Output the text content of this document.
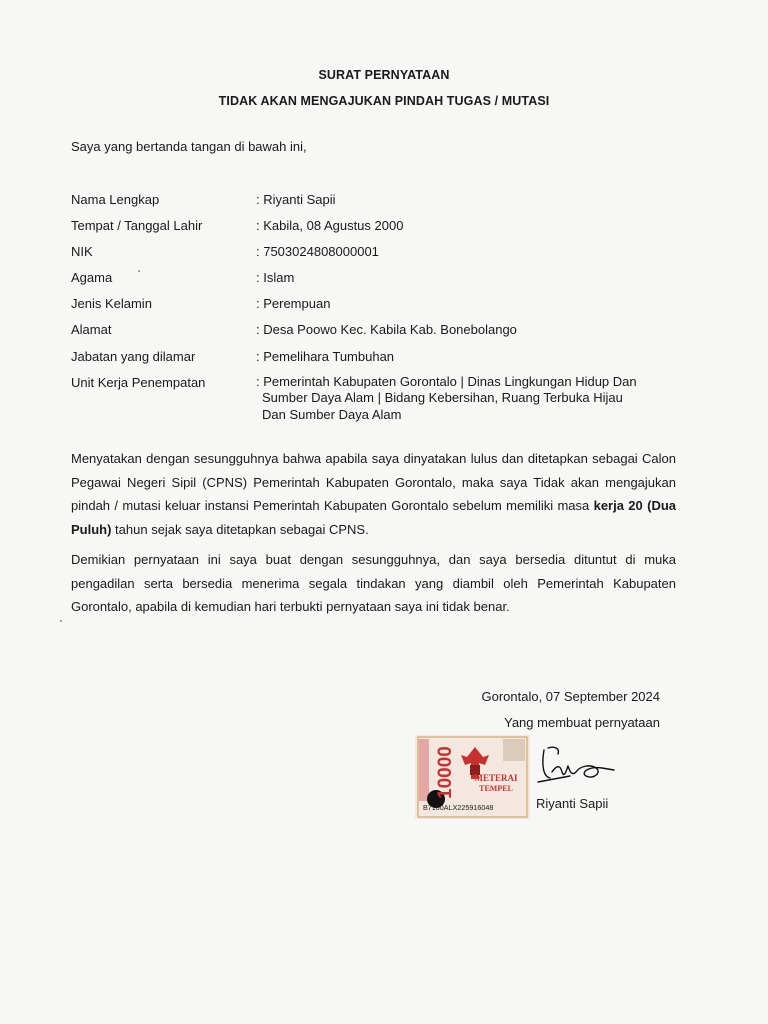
SURAT PERNYATAAN
TIDAK AKAN MENGAJUKAN PINDAH TUGAS / MUTASI
Saya yang bertanda tangan di bawah ini,
Nama Lengkap	: Riyanti Sapii
Tempat / Tanggal Lahir	: Kabila, 08 Agustus 2000
NIK	: 7503024808000001
Agama	: Islam
Jenis Kelamin	: Perempuan
Alamat	: Desa Poowo Kec. Kabila Kab. Bonebolango
Jabatan yang dilamar	: Pemelihara Tumbuhan
Unit Kerja Penempatan	: Pemerintah Kabupaten Gorontalo | Dinas Lingkungan Hidup Dan
Sumber Daya Alam | Bidang Kebersihan, Ruang Terbuka Hijau
Dan Sumber Daya Alam
Menyatakan dengan sesungguhnya bahwa apabila saya dinyatakan lulus dan ditetapkan sebagai Calon Pegawai Negeri Sipil (CPNS) Pemerintah Kabupaten Gorontalo, maka saya Tidak akan mengajukan pindah / mutasi keluar instansi Pemerintah Kabupaten Gorontalo sebelum memiliki masa kerja 20 (Dua Puluh) tahun sejak saya ditetapkan sebagai CPNS.
Demikian pernyataan ini saya buat dengan sesungguhnya, dan saya bersedia dituntut di muka pengadilan serta bersedia menerima segala tindakan yang diambil oleh Pemerintah Kabupaten Gorontalo, apabila di kemudian hari terbukti pernyataan saya ini tidak benar.
Gorontalo, 07 September 2024
Yang membuat pernyataan
10000 METERAI
TEMPEL
B7100ALX225916048	Riyanti Sapii
